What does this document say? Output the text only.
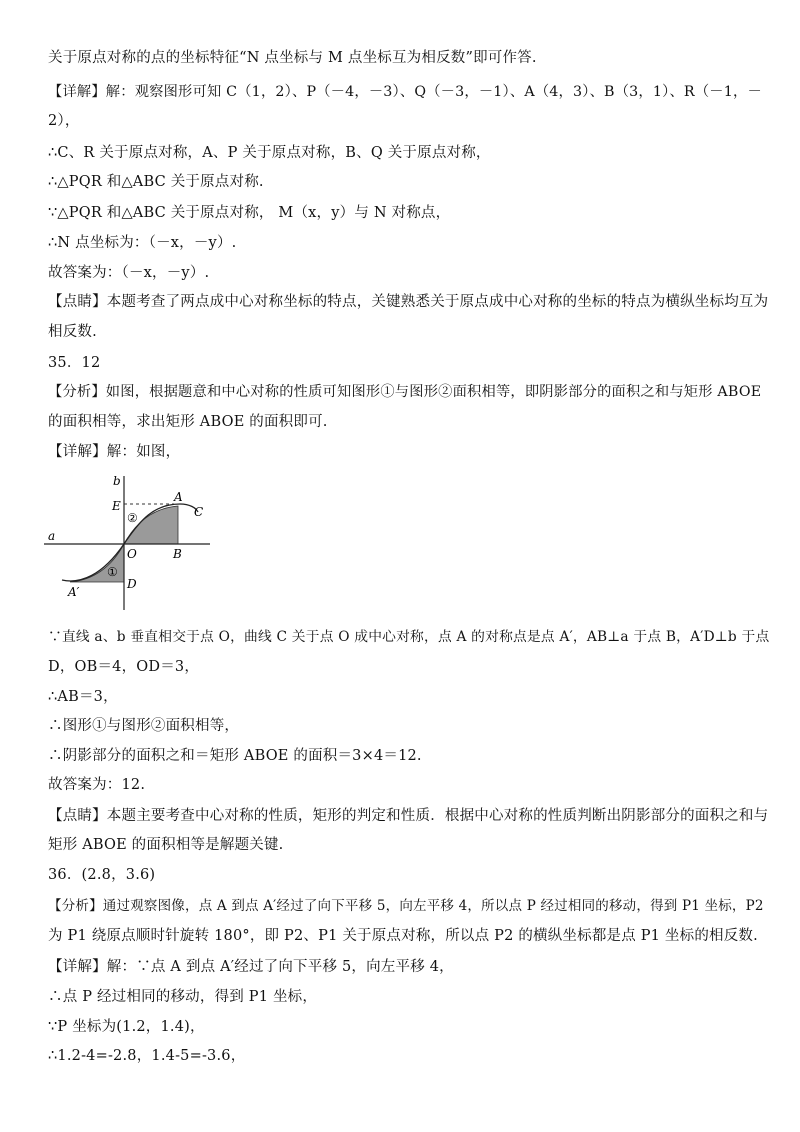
关于原点对称的点的坐标特征“N 点坐标与 M 点坐标互为相反数”即可作答.
【详解】解：观察图形可知 C（1，2）、P（－4，－3）、Q（－3，－1）、A（4，3）、B（3，1）、R（－1，－
2），
∴C、R 关于原点对称，A、P 关于原点对称，B、Q 关于原点对称，
∴△PQR 和△ABC 关于原点对称.
∵△PQR 和△ABC 关于原点对称， M（x，y）与 N 对称点，
∴N 点坐标为：（－x，－y）.
故答案为：（－x，－y）.
【点睛】本题考查了两点成中心对称坐标的特点，关键熟悉关于原点成中心对称的坐标的特点为横纵坐标均互为
相反数.
35．12
【分析】如图，根据题意和中心对称的性质可知图形①与图形②面积相等，即阴影部分的面积之和与矩形 ABOE
的面积相等，求出矩形 ABOE 的面积即可.
【详解】解：如图，
b
E
A
C
a
O	B
D
A′
②
①
∵直线 a、b 垂直相交于点 O，曲线 C 关于点 O 成中心对称，点 A 的对称点是点 A′，AB⊥a 于点 B，A′D⊥b 于点
D，OB＝4，OD＝3，
∴AB＝3，
∴图形①与图形②面积相等，
∴阴影部分的面积之和＝矩形 ABOE 的面积＝3×4＝12.
故答案为：12.
【点睛】本题主要考查中心对称的性质，矩形的判定和性质．根据中心对称的性质判断出阴影部分的面积之和与
矩形 ABOE 的面积相等是解题关键.
36．(2.8，3.6)
【分析】通过观察图像，点 A 到点 A′经过了向下平移 5，向左平移 4，所以点 P 经过相同的移动，得到 P1 坐标，P2
为 P1 绕原点顺时针旋转 180°，即 P2、P1 关于原点对称，所以点 P2 的横纵坐标都是点 P1 坐标的相反数.
【详解】解：∵点 A 到点 A′经过了向下平移 5，向左平移 4，
∴点 P 经过相同的移动，得到 P1 坐标，
∵P 坐标为(1.2，1.4)，
∴1.2-4=-2.8，1.4-5=-3.6，
